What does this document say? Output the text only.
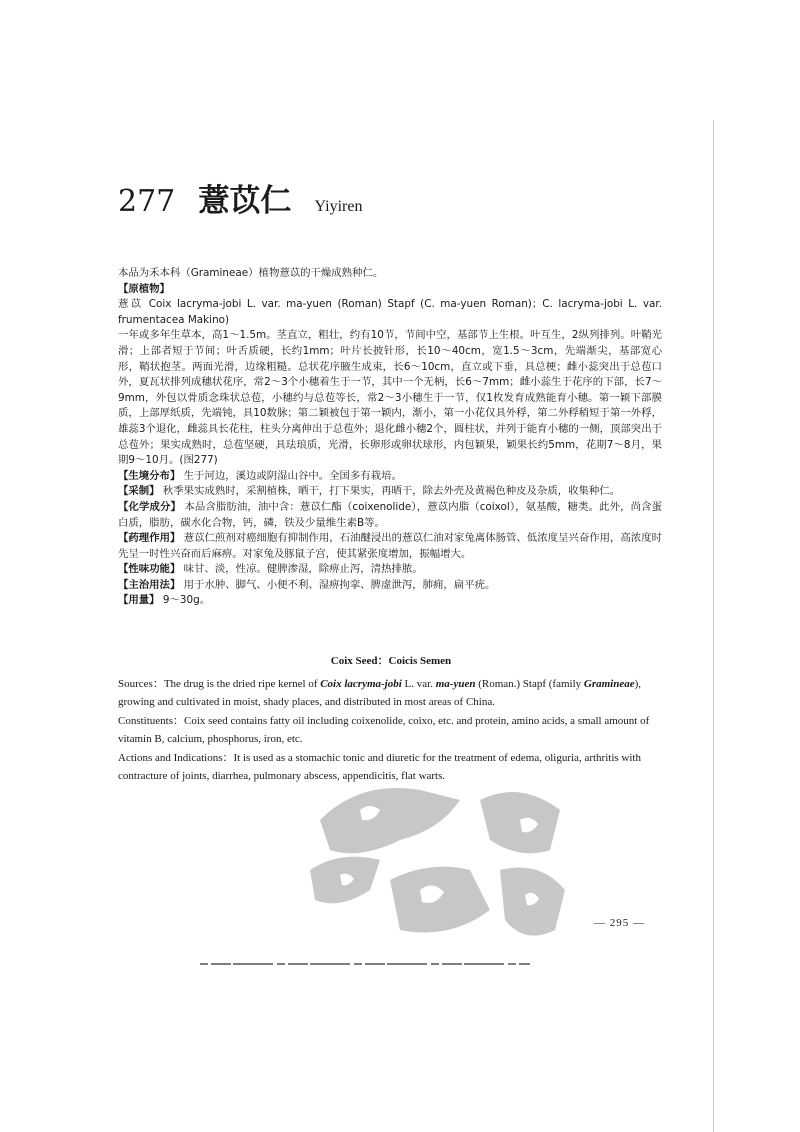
277 薏苡仁 Yiyiren

本品为禾本科（Gramineae）植物薏苡的干燥成熟种仁。

【原植物】

薏苡 Coix lacryma-jobi L. var. ma-yuen (Roman) Stapf (C. ma-yuen Roman)；C. lacryma-jobi L. var. frumentacea Makino)

一年或多年生草本，高1～1.5m。茎直立，粗壮，约有10节，节间中空，基部节上生根。叶互生，2纵列排列。叶鞘光滑；上部者短于节间；叶舌质硬，长约1mm；叶片长披针形，长10～40cm，宽1.5～3cm，先端渐尖，基部宽心形，鞘状抱茎。两面光滑，边缘粗糙。总状花序腋生成束，长6～10cm，直立或下垂，具总梗；雌小蕊突出于总苞口外，夏瓦状排列成穗状花序，常2～3个小穗着生于一节，其中一个无柄，长6～7mm；雌小蕊生于花序的下部，长7～9mm，外包以骨质念珠状总苞，小穗约与总苞等长，常2～3小穗生于一节，仅1枚发育成熟能育小穗。第一颖下部膜质，上部厚纸质，先端钝，具10数脉；第二颖被包于第一颖内，渐小，第一小花仅具外稃，第二外稃稍短于第一外稃，雄蕊3个退化，雌蕊具长花柱，柱头分离伸出于总苞外；退化雌小穗2个，圆柱状，并列于能育小穗的一侧，顶部突出于总苞外；果实成熟时，总苞坚硬，具珐琅质，光滑，长卵形或卵状球形，内包颖果，颖果长约5mm，花期7～8月，果期9～10月。(图277)

【生境分布】 生于河边，溪边或阴湿山谷中。全国多有栽培。

【采制】 秋季果实成熟时，采割植株，晒干，打下果实，再晒干，除去外壳及黄褐色种皮及杂质，收集种仁。

【化学成分】 本品含脂肪油，油中含：薏苡仁酯（coixenolide），薏苡内脂（coixol），氨基酸，糖类。此外，尚含蛋白质，脂肪，碳水化合物，钙，磷，铁及少量维生素B等。

【药理作用】 薏苡仁煎剂对癌细胞有抑制作用，石油醚浸出的薏苡仁油对家兔离体肠管、低浓度呈兴奋作用，高浓度时先呈一时性兴奋而后麻痹。对家兔及豚鼠子宫，使其紧张度增加，振幅增大。

【性味功能】 味甘、淡，性凉。健脾渗湿，除痹止泻，清热排脓。

【主治用法】 用于水肿、脚气、小便不利、湿痹拘挛、脾虚泄泻，肺痈，扁平疣。

【用量】 9～30g。

Coix Seed：Coicis Semen

Sources：The drug is the dried ripe kernel of Coix lacryma-jobi L. var. ma-yuen (Roman.) Stapf (family Gramineae), growing and cultivated in moist, shady places, and distributed in most areas of China.

Constituents：Coix seed contains fatty oil including coixenolide, coixo, etc. and protein, amino acids, a small amount of vitamin B, calcium, phosphorus, iron, etc.

Actions and Indications：It is used as a stomachic tonic and diuretic for the treatment of edema, oliguria, arthritis with contracture of joints, diarrhea, pulmonary abscess, appendicitis, flat warts.

— 295 —
